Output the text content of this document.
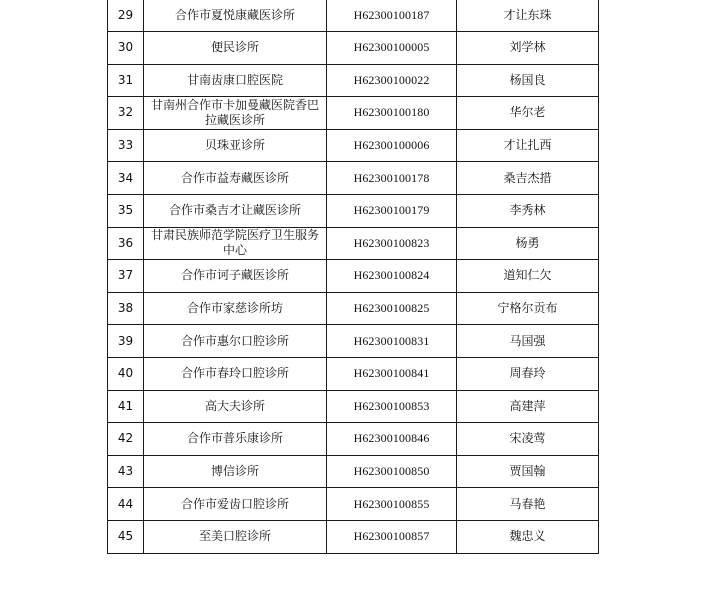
29	合作市夏悦康藏医诊所	H62300100187	才让东珠
30	便民诊所	H62300100005	刘学林
31	甘南齿康口腔医院	H62300100022	杨国良
32	甘南州合作市卡加曼藏医院香巴拉藏医诊所	H62300100180	华尔老
33	贝珠亚诊所	H62300100006	才让扎西
34	合作市益寿藏医诊所	H62300100178	桑吉杰措
35	合作市桑吉才让藏医诊所	H62300100179	李秀林
36	甘肃民族师范学院医疗卫生服务中心	H62300100823	杨勇
37	合作市诃子藏医诊所	H62300100824	道知仁欠
38	合作市家慈诊所坊	H62300100825	宁格尔贡布
39	合作市惠尔口腔诊所	H62300100831	马国强
40	合作市春玲口腔诊所	H62300100841	周春玲
41	高大夫诊所	H62300100853	高建萍
42	合作市普乐康诊所	H62300100846	宋凌莺
43	博信诊所	H62300100850	贾国翰
44	合作市爱齿口腔诊所	H62300100855	马春艳
45	至美口腔诊所	H62300100857	魏忠义
